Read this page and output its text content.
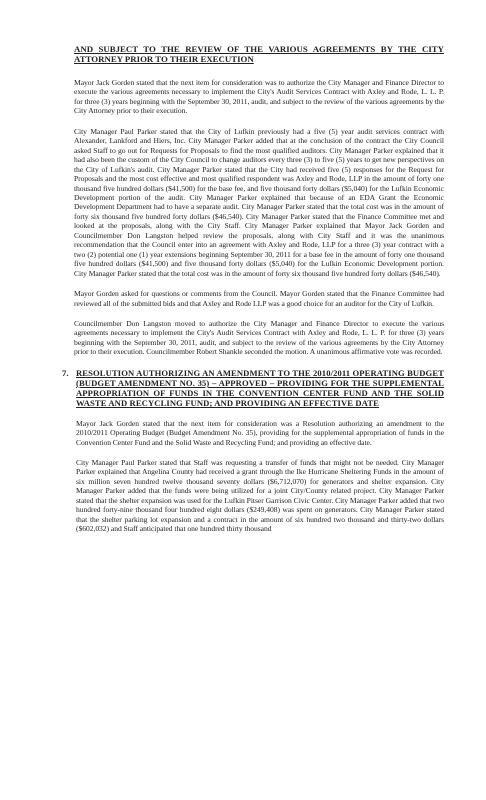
AND SUBJECT TO THE REVIEW OF THE VARIOUS AGREEMENTS BY THE CITY ATTORNEY PRIOR TO THEIR EXECUTION
Mayor Jack Gorden stated that the next item for consideration was to authorize the City Manager and Finance Director to execute the various agreements necessary to implement the City's Audit Services Contract with Axley and Rode, L. L. P. for three (3) years beginning with the September 30, 2011, audit, and subject to the review of the various agreements by the City Attorney prior to their execution.
City Manager Paul Parker stated that the City of Lufkin previously had a five (5) year audit services contract with Alexander, Lankford and Hiers, Inc. City Manager Parker added that at the conclusion of the contract the City Council asked Staff to go out for Requests for Proposals to find the most qualified auditors. City Manager Parker explained that it had also been the custom of the City Council to change auditors every three (3) to five (5) years to get new perspectives on the City of Lufkin's audit. City Manager Parker stated that the City had received five (5) responses for the Request for Proposals and the most cost effective and most qualified respondent was Axley and Rode, LLP in the amount of forty one thousand five hundred dollars ($41,500) for the base fee, and five thousand forty dollars ($5,040) for the Lufkin Economic Development portion of the audit. City Manager Parker explained that because of an EDA Grant the Economic Development Department had to have a separate audit. City Manager Parker stated that the total cost was in the amount of forty six thousand five hundred forty dollars ($46,540). City Manager Parker stated that the Finance Committee met and looked at the proposals, along with the City Staff. City Manager Parker explained that Mayor Jack Gorden and Councilmember Don Langston helped review the proposals, along with City Staff and it was the unanimous recommendation that the Council enter into an agreement with Axley and Rode, LLP for a three (3) year contract with a two (2) potential one (1) year extensions beginning September 30, 2011 for a base fee in the amount of forty one thousand five hundred dollars ($41,500) and five thousand forty dollars ($5,040) for the Lufkin Economic Development portion. City Manager Parker stated that the total cost was in the amount of forty six thousand five hundred forty dollars ($46,540).
Mayor Gorden asked for questions or comments from the Council. Mayor Gorden stated that the Finance Committee had reviewed all of the submitted bids and that Axley and Rode LLP was a good choice for an auditor for the City of Lufkin.
Councilmember Don Langston moved to authorize the City Manager and Finance Director to execute the various agreements necessary to implement the City's Audit Services Contract with Axley and Rode, L. L. P. for three (3) years beginning with the September 30, 2011, audit, and subject to the review of the various agreements by the City Attorney prior to their execution. Councilmember Robert Shankle seconded the motion. A unanimous affirmative vote was recorded.
7. RESOLUTION AUTHORIZING AN AMENDMENT TO THE 2010/2011 OPERATING BUDGET (BUDGET AMENDMENT NO. 35) – APPROVED – PROVIDING FOR THE SUPPLEMENTAL APPROPRIATION OF FUNDS IN THE CONVENTION CENTER FUND AND THE SOLID WASTE AND RECYCLING FUND; AND PROVIDING AN EFFECTIVE DATE
Mayor Jack Gorden stated that the next item for consideration was a Resolution authorizing an amendment to the 2010/2011 Operating Budget (Budget Amendment No. 35), providing for the supplemental appropriation of funds in the Convention Center Fund and the Solid Waste and Recycling Fund; and providing an effective date.
City Manager Paul Parker stated that Staff was requesting a transfer of funds that might not be needed. City Manager Parker explained that Angelina County had received a grant through the Ike Hurricane Sheltering Funds in the amount of six million seven hundred twelve thousand seventy dollars ($6,712,070) for generators and shelter expansion. City Manager Parker added that the funds were being utilized for a joint City/County related project. City Manager Parker stated that the shelter expansion was used for the Lufkin Pitser Garrison Civic Center. City Manager Parker added that two hundred forty-nine thousand four hundred eight dollars ($249,408) was spent on generators. City Manager Parker stated that the shelter parking lot expansion and a contract in the amount of six hundred two thousand and thirty-two dollars ($602,032) and Staff anticipated that one hundred thirty thousand
